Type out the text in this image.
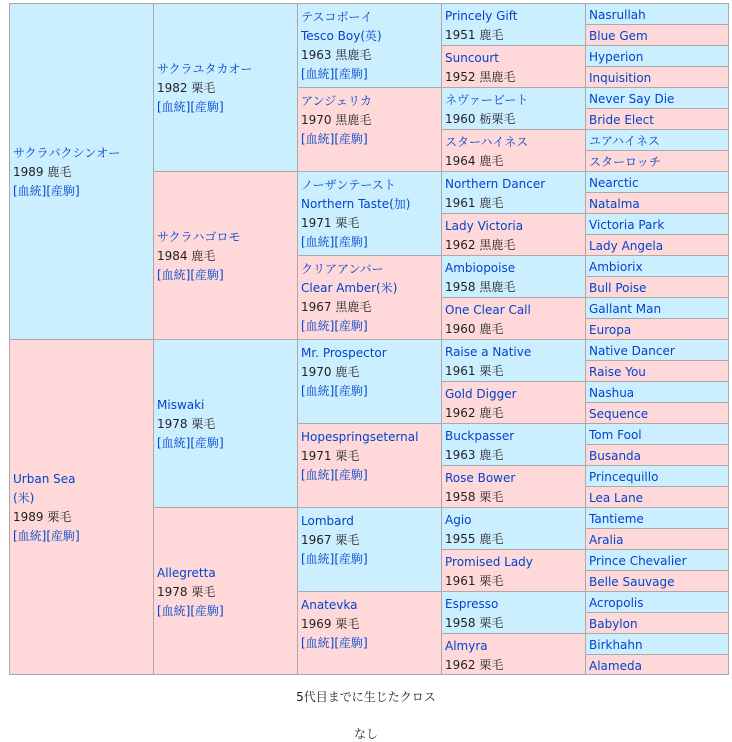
サクラバクシンオー
1989 鹿毛
[血統][産駒]
Urban Sea
(米)
1989 栗毛
[血統][産駒]
サクラユタカオー
1982 栗毛
[血統][産駒]
サクラハゴロモ
1984 鹿毛
[血統][産駒]
Miswaki
1978 栗毛
[血統][産駒]
Allegretta
1978 栗毛
[血統][産駒]
テスコボーイ
Tesco Boy(英)
1963 黒鹿毛
[血統][産駒]
アンジェリカ
1970 黒鹿毛
[血統][産駒]
ノーザンテースト
Northern Taste(加)
1971 栗毛
[血統][産駒]
クリアアンバー
Clear Amber(米)
1967 黒鹿毛
[血統][産駒]
Mr. Prospector
1970 鹿毛
[血統][産駒]
Hopespringseternal
1971 栗毛
[血統][産駒]
Lombard
1967 栗毛
[血統][産駒]
Anatevka
1969 栗毛
[血統][産駒]
Princely Gift
1951 鹿毛
Suncourt
1952 黒鹿毛
ネヴァービート
1960 栃栗毛
スターハイネス
1964 鹿毛
Northern Dancer
1961 鹿毛
Lady Victoria
1962 黒鹿毛
Ambiopoise
1958 黒鹿毛
One Clear Call
1960 鹿毛
Raise a Native
1961 栗毛
Gold Digger
1962 鹿毛
Buckpasser
1963 鹿毛
Rose Bower
1958 栗毛
Agio
1955 鹿毛
Promised Lady
1961 栗毛
Espresso
1958 栗毛
Almyra
1962 栗毛
Nasrullah
Blue Gem
Hyperion
Inquisition
Never Say Die
Bride Elect
ユアハイネス
スターロッチ
Nearctic
Natalma
Victoria Park
Lady Angela
Ambiorix
Bull Poise
Gallant Man
Europa
Native Dancer
Raise You
Nashua
Sequence
Tom Fool
Busanda
Princequillo
Lea Lane
Tantieme
Aralia
Prince Chevalier
Belle Sauvage
Acropolis
Babylon
Birkhahn
Alameda
5代目までに生じたクロス
なし
